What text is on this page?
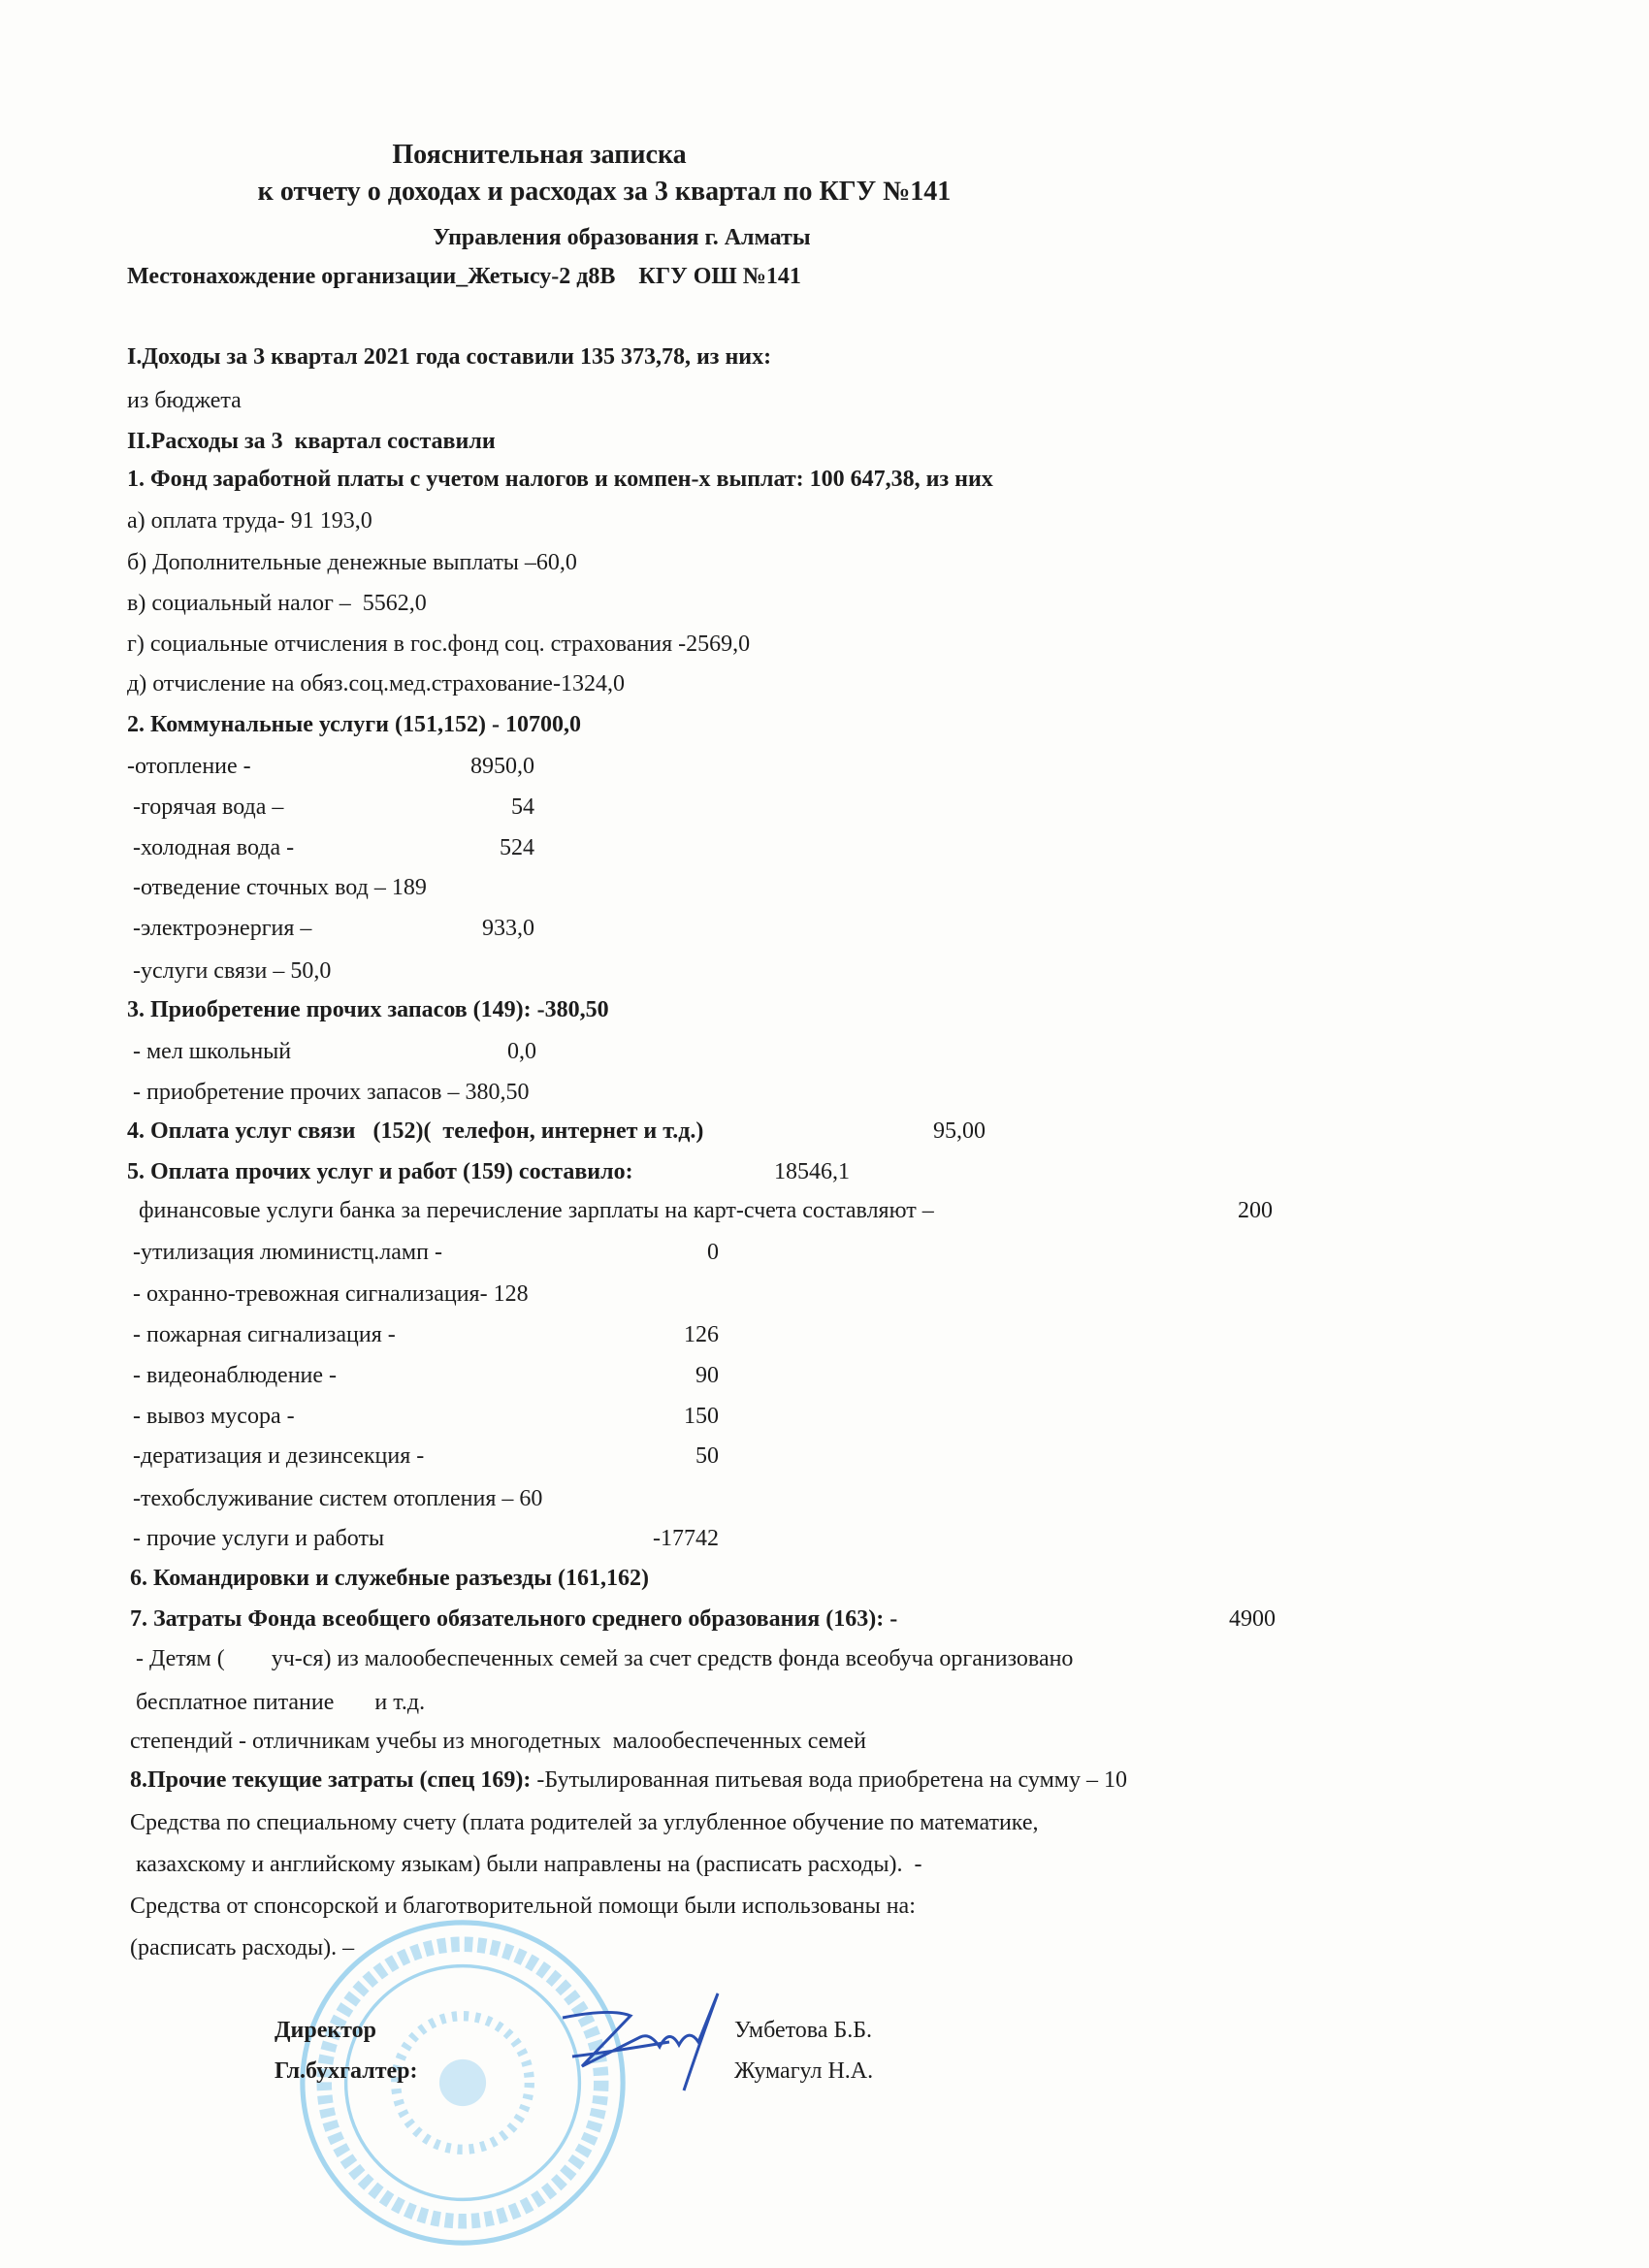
Пояснительная записка
к отчету о доходах и расходах за 3 квартал по КГУ №141
Управления образования г. Алматы
Местонахождение организации_Жетысу-2 д8В    КГУ ОШ №141
I.Доходы за 3 квартал 2021 года составили 135 373,78, из них:
из бюджета
II.Расходы за 3  квартал составили
1. Фонд заработной платы с учетом налогов и компен-х выплат: 100 647,38, из них
а) оплата труда- 91 193,0
б) Дополнительные денежные выплаты –60,0
в) социальный налог –  5562,0
г) социальные отчисления в гос.фонд соц. страхования -2569,0
д) отчисление на обяз.соц.мед.страхование-1324,0
2. Коммунальные услуги (151,152) - 10700,0
-отопление -	8950,0
-горячая вода –	54
-холодная вода -	524
-отведение сточных вод – 189
-электроэнергия –	933,0
-услуги связи – 50,0
3. Приобретение прочих запасов (149): -380,50
- мел школьный	0,0
- приобретение прочих запасов – 380,50
4. Оплата услуг связи   (152)(  телефон, интернет и т.д.)	95,00
5. Оплата прочих услуг и работ (159) составило:	18546,1
финансовые услуги банка за перечисление зарплаты на карт-счета составляют –	200
-утилизация люминистц.ламп -	0
- охранно-тревожная сигнализация- 128
- пожарная сигнализация -	126
- видеонаблюдение -	90
- вывоз мусора -	150
-дератизация и дезинсекция -	50
-техобслуживание систем отопления – 60
- прочие услуги и работы	-17742
6. Командировки и служебные разъезды (161,162)
7. Затраты Фонда всеобщего обязательного среднего образования (163): -	4900
- Детям (        уч-ся) из малообеспеченных семей за счет средств фонда всеобуча организовано
бесплатное питание       и т.д.
степендий - отличникам учебы из многодетных  малообеспеченных семей
8.Прочие текущие затраты (спец 169): -Бутылированная питьевая вода приобретена на сумму – 10
Средства по специальному счету (плата родителей за углубленное обучение по математике,
казахскому и английскому языкам) были направлены на (расписать расходы).  -
Средства от спонсорской и благотворительной помощи были использованы на:
(расписать расходы). –
Директор	Умбетова Б.Б.
Гл.бухгалтер:	Жумагул Н.А.
